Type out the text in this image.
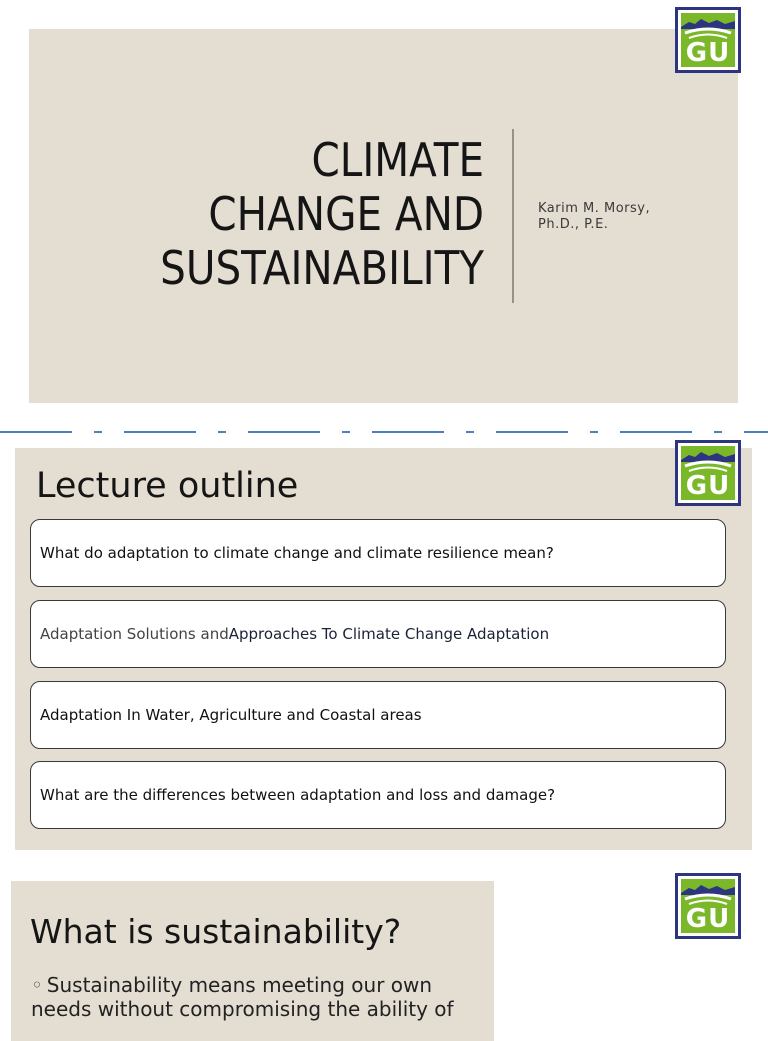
CLIMATE
CHANGE AND
SUSTAINABILITY
Karim M. Morsy,
Ph.D., P.E.
GU
Lecture outline
What do adaptation to climate change and climate resilience mean?
Adaptation Solutions and Approaches To Climate Change Adaptation
Adaptation In Water, Agriculture and Coastal areas
What are the differences between adaptation and loss and damage?
GU
What is sustainability?
◦ Sustainability means meeting our own needs without compromising the ability of
GU
